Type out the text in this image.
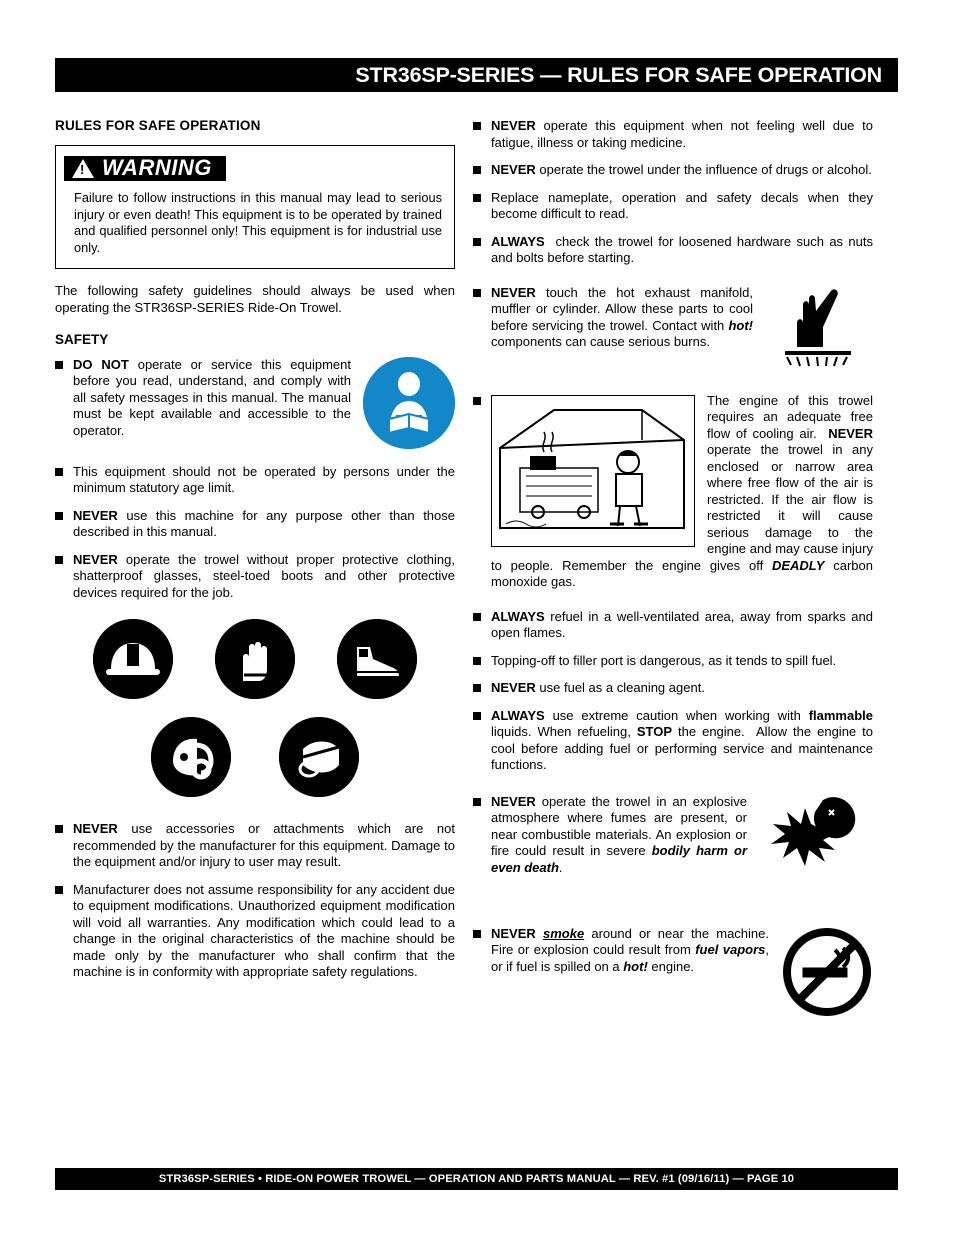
STR36SP-SERIES — RULES FOR SAFE OPERATION
RULES FOR SAFE OPERATION
!
WARNING
Failure to follow instructions in this manual may lead to serious injury or even death! This equipment is to be operated by trained and qualified personnel only! This equipment is for industrial use only.

The following safety guidelines should always be used when operating the STR36SP-SERIES Ride-On Trowel.

SAFETY
DO NOT operate or service this equipment before you read, understand, and comply with all safety messages in this manual. The manual must be kept available and accessible to the operator.
This equipment should not be operated by persons under the minimum statutory age limit.
NEVER use this machine for any purpose other than those described in this manual.
NEVER operate the trowel without proper protective clothing, shatterproof glasses, steel-toed boots and other protective devices required for the job.
NEVER use accessories or attachments which are not recommended by the manufacturer for this equipment. Damage to the equipment and/or injury to user may result.
Manufacturer does not assume responsibility for any accident due to equipment modifications. Unauthorized equipment modification will void all warranties. Any modification which could lead to a change in the original characteristics of the machine should be made only by the manufacturer who shall confirm that the machine is in conformity with appropriate safety regulations.
NEVER operate this equipment when not feeling well due to fatigue, illness or taking medicine.
NEVER operate the trowel under the influence of drugs or alcohol.
Replace nameplate, operation and safety decals when they become difficult to read.
ALWAYS  check the trowel for loosened hardware such as nuts and bolts before starting.
NEVER touch the hot exhaust manifold, muffler or cylinder. Allow these parts to cool before servicing the trowel. Contact with hot! components can cause serious burns.
The engine of this trowel requires an adequate free flow of cooling air.  NEVER operate the trowel in any enclosed or narrow area where free flow of the air is restricted. If the air flow is restricted it will cause serious damage to the engine and may cause injury to people. Remember the engine gives off DEADLY carbon monoxide gas.
ALWAYS refuel in a well-ventilated area, away from sparks and open flames.
Topping-off to filler port is dangerous, as it tends to spill fuel.
NEVER use fuel as a cleaning agent.
ALWAYS use extreme caution when working with flammable liquids. When refueling, STOP the engine.  Allow the engine to cool before adding fuel or performing service and maintenance functions.
NEVER operate the trowel in an explosive atmosphere where fumes are present, or near combustible materials. An explosion or fire could result in severe bodily harm or even death.
NEVER smoke around or near the machine. Fire or explosion could result from fuel vapors, or if fuel is spilled on a hot! engine.
STR36SP-SERIES • RIDE-ON POWER TROWEL — OPERATION AND PARTS MANUAL — REV. #1 (09/16/11) — PAGE 10
